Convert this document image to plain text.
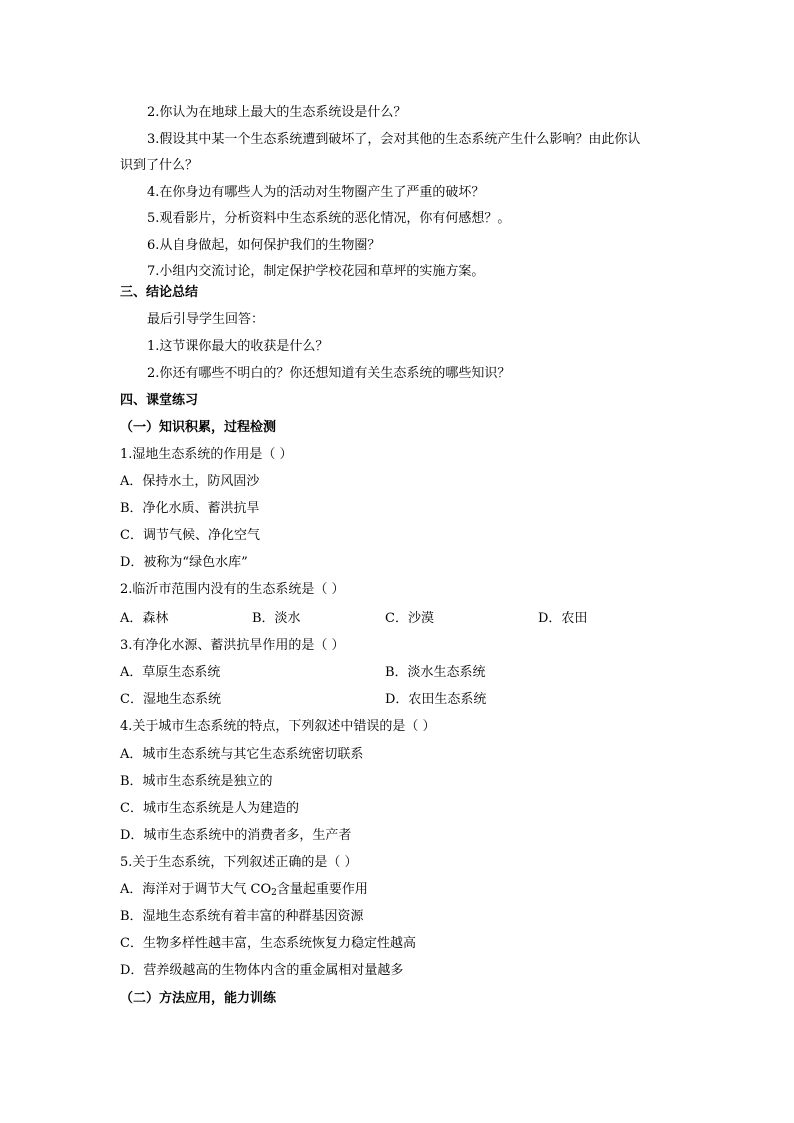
2.你认为在地球上最大的生态系统设是什么？
3.假设其中某一个生态系统遭到破坏了，会对其他的生态系统产生什么影响？由此你认
识到了什么？
4.在你身边有哪些人为的活动对生物圈产生了严重的破坏？
5.观看影片，分析资料中生态系统的恶化情况，你有何感想？。
6.从自身做起，如何保护我们的生物圈？
7.小组内交流讨论，制定保护学校花园和草坪的实施方案。
三、结论总结
最后引导学生回答：
1.这节课你最大的收获是什么？
2.你还有哪些不明白的？你还想知道有关生态系统的哪些知识？
四、课堂练习
（一）知识积累，过程检测
1.湿地生态系统的作用是（ ）
A．保持水土，防风固沙
B．净化水质、蓄洪抗旱
C．调节气候、净化空气
D．被称为“绿色水库”
2.临沂市范围内没有的生态系统是（ ）
A．森林	B．淡水	C．沙漠	D．农田
3.有净化水源、蓄洪抗旱作用的是（ ）
A．草原生态系统	B．淡水生态系统
C．湿地生态系统	D．农田生态系统
4.关于城市生态系统的特点，下列叙述中错误的是（ ）
A．城市生态系统与其它生态系统密切联系
B．城市生态系统是独立的
C．城市生态系统是人为建造的
D．城市生态系统中的消费者多，生产者
5.关于生态系统，下列叙述正确的是（ ）
A．海洋对于调节大气 $CO_2$含量起重要作用
B．湿地生态系统有着丰富的种群基因资源
C．生物多样性越丰富，生态系统恢复力稳定性越高
D．营养级越高的生物体内含的重金属相对量越多
（二）方法应用，能力训练
